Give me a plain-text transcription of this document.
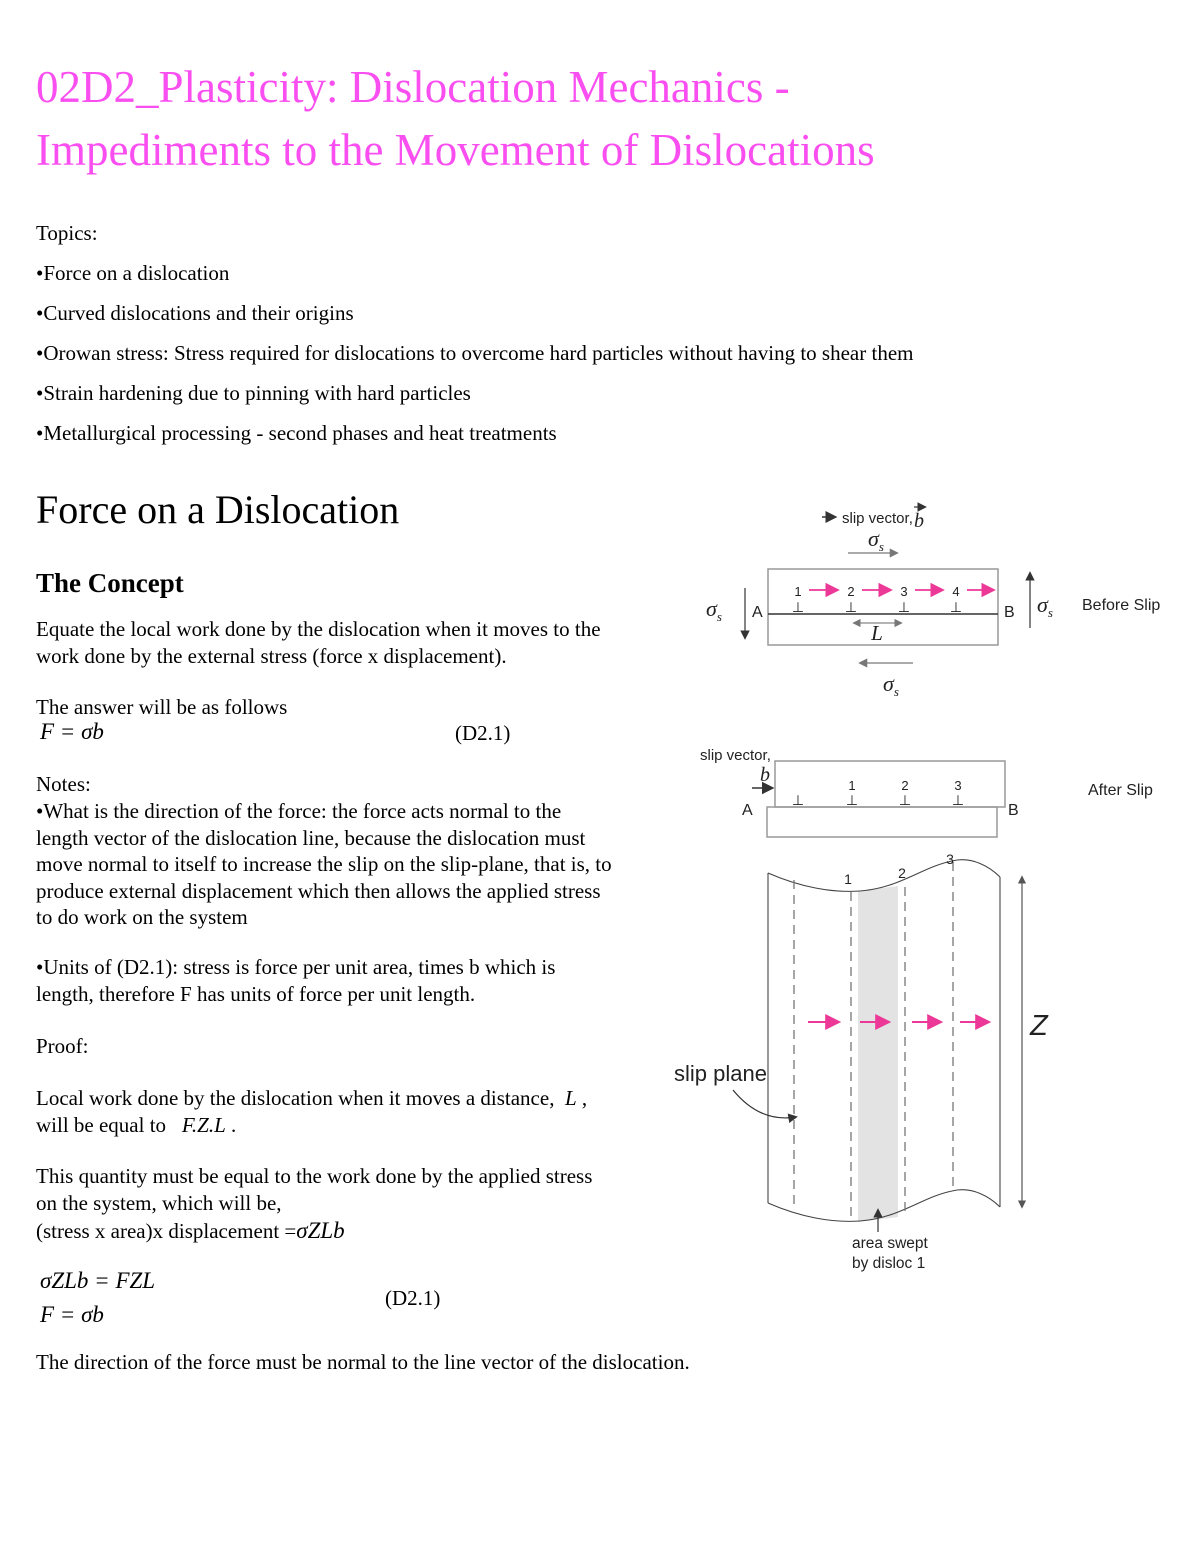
02D2_Plasticity: Dislocation Mechanics -
Impediments to the Movement of Dislocations
Topics:
•Force on a dislocation
•Curved dislocations and their origins
•Orowan stress: Stress required for dislocations to overcome hard particles without having to shear them
•Strain hardening due to pinning with hard particles
•Metallurgical processing - second phases and heat treatments
Force on a Dislocation
The Concept
Equate the local work done by the dislocation when it moves to the
work done by the external stress (force x displacement).
The answer will be as follows
F = σb	(D2.1)
Notes:
•What is the direction of the force: the force acts normal to the
length vector of the dislocation line, because the dislocation must
move normal to itself to increase the slip on the slip-plane, that is, to
produce external displacement which then allows the applied stress
to do work on the system
•Units of (D2.1): stress is force per unit area, times b which is
length, therefore F has units of force per unit length.
Proof:
Local work done by the dislocation when it moves a distance,  L ,
will be equal to   F.Z.L .
This quantity must be equal to the work done by the applied stress
on the system, which will be,
(stress x area)x displacement =σZLb
σZLb = FZL
(D2.1)
F = σb
The direction of the force must be normal to the line vector of the dislocation.
slip vector, b
$\sigma_s$
1	2	3	4
⊥	⊥	⊥	⊥
L
$\sigma_s$ A	B $\sigma_s$ Before Slip
$\sigma_s$
slip vector,
b	1	2	3
⊥	⊥	⊥	⊥
A	B
After Slip
1	2
3
Z
slip plane
area swept
by disloc 1
